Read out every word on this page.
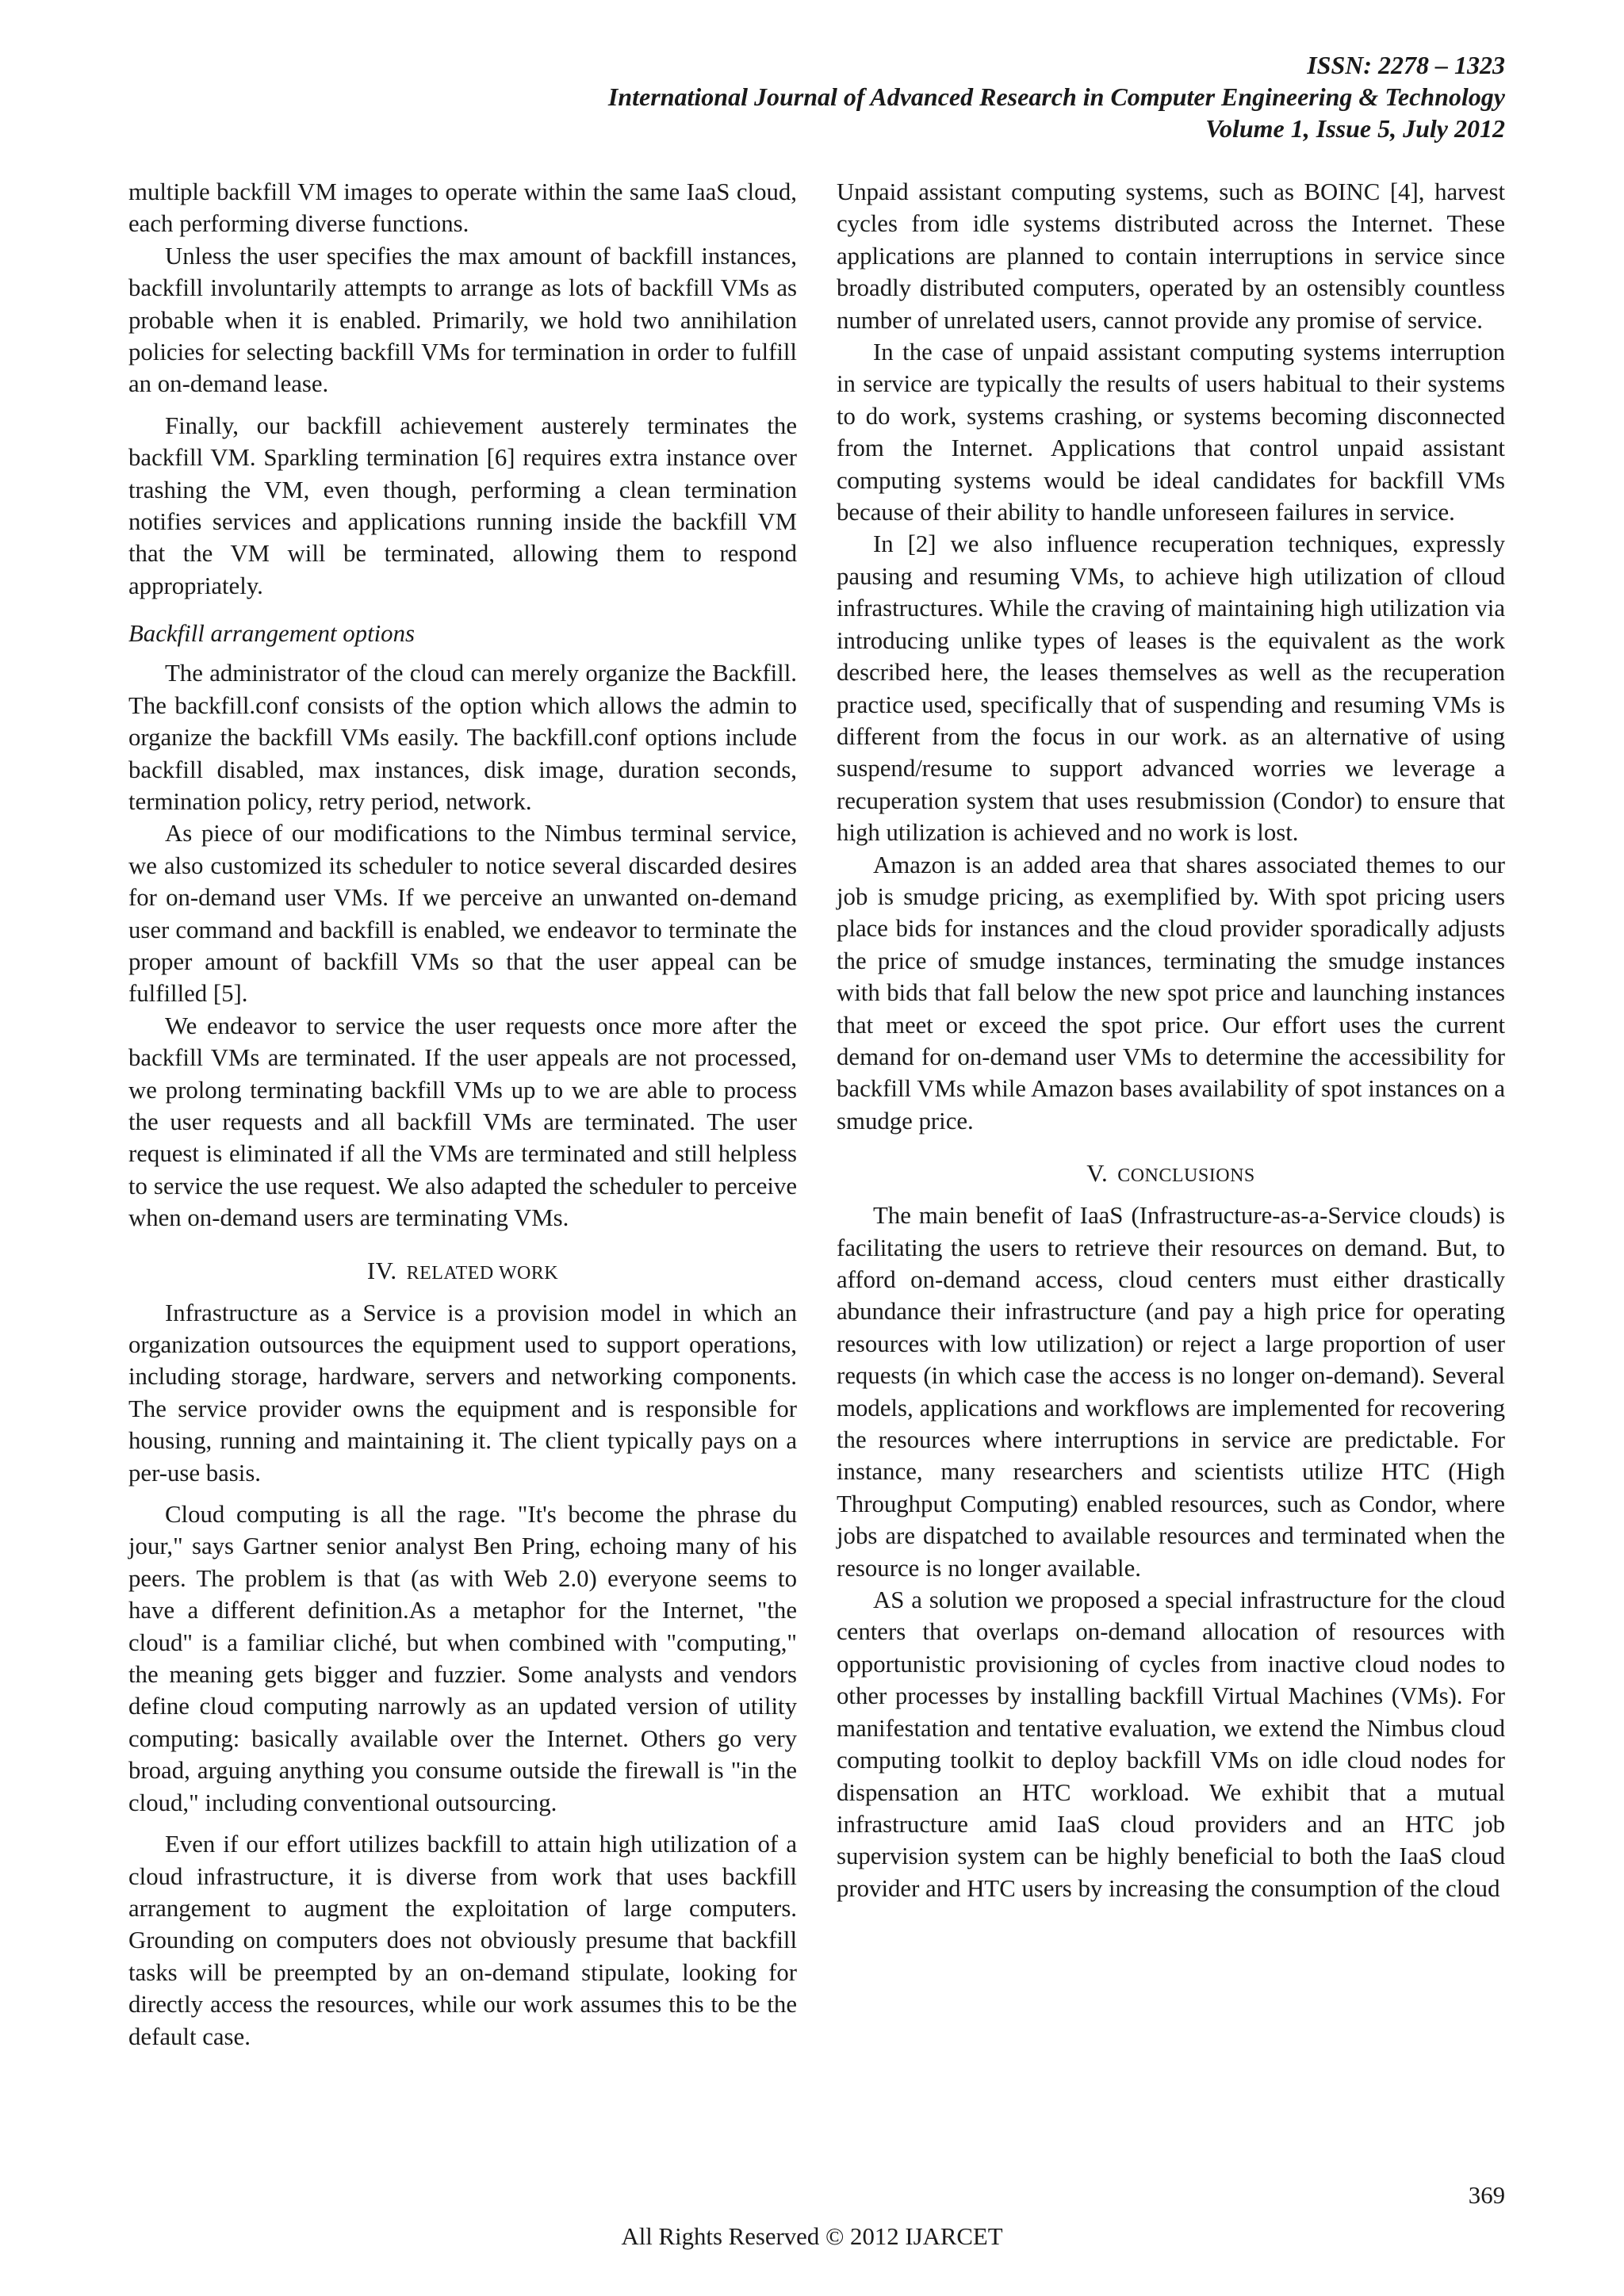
ISSN: 2278 – 1323
International Journal of Advanced Research in Computer Engineering & Technology
Volume 1, Issue 5, July 2012

multiple backfill VM images to operate within the same IaaS cloud, each performing diverse functions.

Unless the user specifies the max amount of backfill instances, backfill involuntarily attempts to arrange as lots of backfill VMs as probable when it is enabled. Primarily, we hold two annihilation policies for selecting backfill VMs for termination in order to fulfill an on-demand lease.

Finally, our backfill achievement austerely terminates the backfill VM. Sparkling termination [6] requires extra instance over trashing the VM, even though, performing a clean termination notifies services and applications running inside the backfill VM that the VM will be terminated, allowing them to respond appropriately.

Backfill arrangement options

The administrator of the cloud can merely organize the Backfill. The backfill.conf consists of the option which allows the admin to organize the backfill VMs easily. The backfill.conf options include backfill disabled, max instances, disk image, duration seconds, termination policy, retry period, network.

As piece of our modifications to the Nimbus terminal service, we also customized its scheduler to notice several discarded desires for on-demand user VMs. If we perceive an unwanted on-demand user command and backfill is enabled, we endeavor to terminate the proper amount of backfill VMs so that the user appeal can be fulfilled [5].

We endeavor to service the user requests once more after the backfill VMs are terminated. If the user appeals are not processed, we prolong terminating backfill VMs up to we are able to process the user requests and all backfill VMs are terminated. The user request is eliminated if all the VMs are terminated and still helpless to service the use request. We also adapted the scheduler to perceive when on-demand users are terminating VMs.

IV. RELATED WORK

Infrastructure as a Service is a provision model in which an organization outsources the equipment used to support operations, including storage, hardware, servers and networking components. The service provider owns the equipment and is responsible for housing, running and maintaining it. The client typically pays on a per-use basis.

Cloud computing is all the rage. "It's become the phrase du jour," says Gartner senior analyst Ben Pring, echoing many of his peers. The problem is that (as with Web 2.0) everyone seems to have a different definition.As a metaphor for the Internet, "the cloud" is a familiar cliché, but when combined with "computing," the meaning gets bigger and fuzzier. Some analysts and vendors define cloud computing narrowly as an updated version of utility computing: basically available over the Internet. Others go very broad, arguing anything you consume outside the firewall is "in the cloud," including conventional outsourcing.

Even if our effort utilizes backfill to attain high utilization of a cloud infrastructure, it is diverse from work that uses backfill arrangement to augment the exploitation of large computers. Grounding on computers does not obviously presume that backfill tasks will be preempted by an on-demand stipulate, looking for directly access the resources, while our work assumes this to be the default case.

Unpaid assistant computing systems, such as BOINC [4], harvest cycles from idle systems distributed across the Internet. These applications are planned to contain interruptions in service since broadly distributed computers, operated by an ostensibly countless number of unrelated users, cannot provide any promise of service.

In the case of unpaid assistant computing systems interruption in service are typically the results of users habitual to their systems to do work, systems crashing, or systems becoming disconnected from the Internet. Applications that control unpaid assistant computing systems would be ideal candidates for backfill VMs because of their ability to handle unforeseen failures in service.

In [2] we also influence recuperation techniques, expressly pausing and resuming VMs, to achieve high utilization of clloud infrastructures. While the craving of maintaining high utilization via introducing unlike types of leases is the equivalent as the work described here, the leases themselves as well as the recuperation practice used, specifically that of suspending and resuming VMs is different from the focus in our work. as an alternative of using suspend/resume to support advanced worries we leverage a recuperation system that uses resubmission (Condor) to ensure that high utilization is achieved and no work is lost.

Amazon is an added area that shares associated themes to our job is smudge pricing, as exemplified by. With spot pricing users place bids for instances and the cloud provider sporadically adjusts the price of smudge instances, terminating the smudge instances with bids that fall below the new spot price and launching instances that meet or exceed the spot price. Our effort uses the current demand for on-demand user VMs to determine the accessibility for backfill VMs while Amazon bases availability of spot instances on a smudge price.

V. CONCLUSIONS

The main benefit of IaaS (Infrastructure-as-a-Service clouds) is facilitating the users to retrieve their resources on demand. But, to afford on-demand access, cloud centers must either drastically abundance their infrastructure (and pay a high price for operating resources with low utilization) or reject a large proportion of user requests (in which case the access is no longer on-demand). Several models, applications and workflows are implemented for recovering the resources where interruptions in service are predictable. For instance, many researchers and scientists utilize HTC (High Throughput Computing) enabled resources, such as Condor, where jobs are dispatched to available resources and terminated when the resource is no longer available.

AS a solution we proposed a special infrastructure for the cloud centers that overlaps on-demand allocation of resources with opportunistic provisioning of cycles from inactive cloud nodes to other processes by installing backfill Virtual Machines (VMs). For manifestation and tentative evaluation, we extend the Nimbus cloud computing toolkit to deploy backfill VMs on idle cloud nodes for dispensation an HTC workload. We exhibit that a mutual infrastructure amid IaaS cloud providers and an HTC job supervision system can be highly beneficial to both the IaaS cloud provider and HTC users by increasing the consumption of the cloud

369
All Rights Reserved © 2012 IJARCET
